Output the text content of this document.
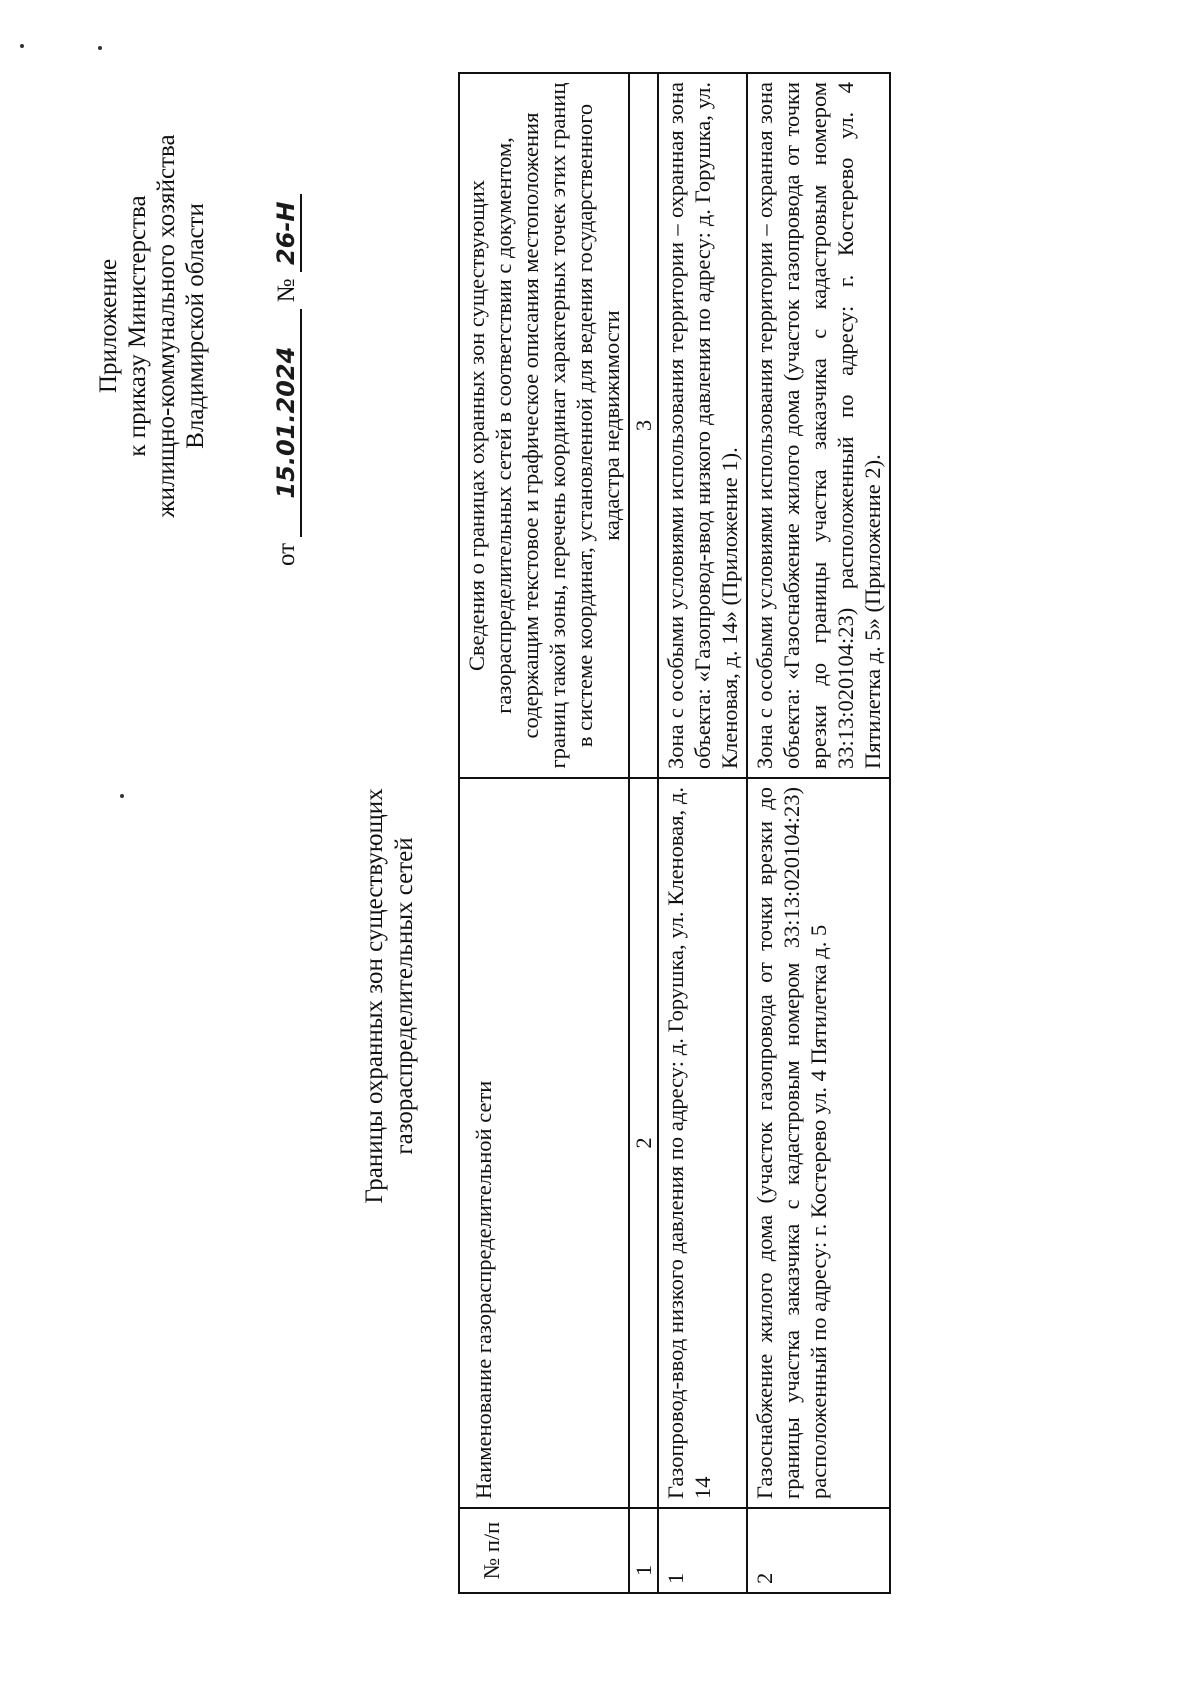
Приложение к приказу Министерства жилищно-коммунального хозяйства Владимирской области
от 15.01.2024 № 26-Н
Границы охранных зон существующих газораспределительных сетей
№ п/п	Наименование газораспределительной сети	Сведения о границах охранных зон существующих газораспределительных сетей в соответствии с документом, содержащим текстовое и графическое описания местоположения границ такой зоны, перечень координат характерных точек этих границ в системе координат, установленной для ведения государственного кадастра недвижимости
1	2	3
1	Газопровод-ввод низкого давления по адресу: д. Горушка, ул. Кленовая, д. 14	Зона с особыми условиями использования территории – охранная зона объекта: «Газопровод-ввод низкого давления по адресу: д. Горушка, ул. Кленовая, д. 14» (Приложение 1).
2	Газоснабжение жилого дома (участок газопровода от точки врезки до границы участка заказчика с кадастровым номером 33:13:020104:23) расположенный по адресу: г. Костерево ул. 4 Пятилетка д. 5	Зона с особыми условиями использования территории – охранная зона объекта: «Газоснабжение жилого дома (участок газопровода от точки врезки до границы участка заказчика с кадастровым номером 33:13:020104:23) расположенный по адресу: г. Костерево ул. 4 Пятилетка д. 5» (Приложение 2).
